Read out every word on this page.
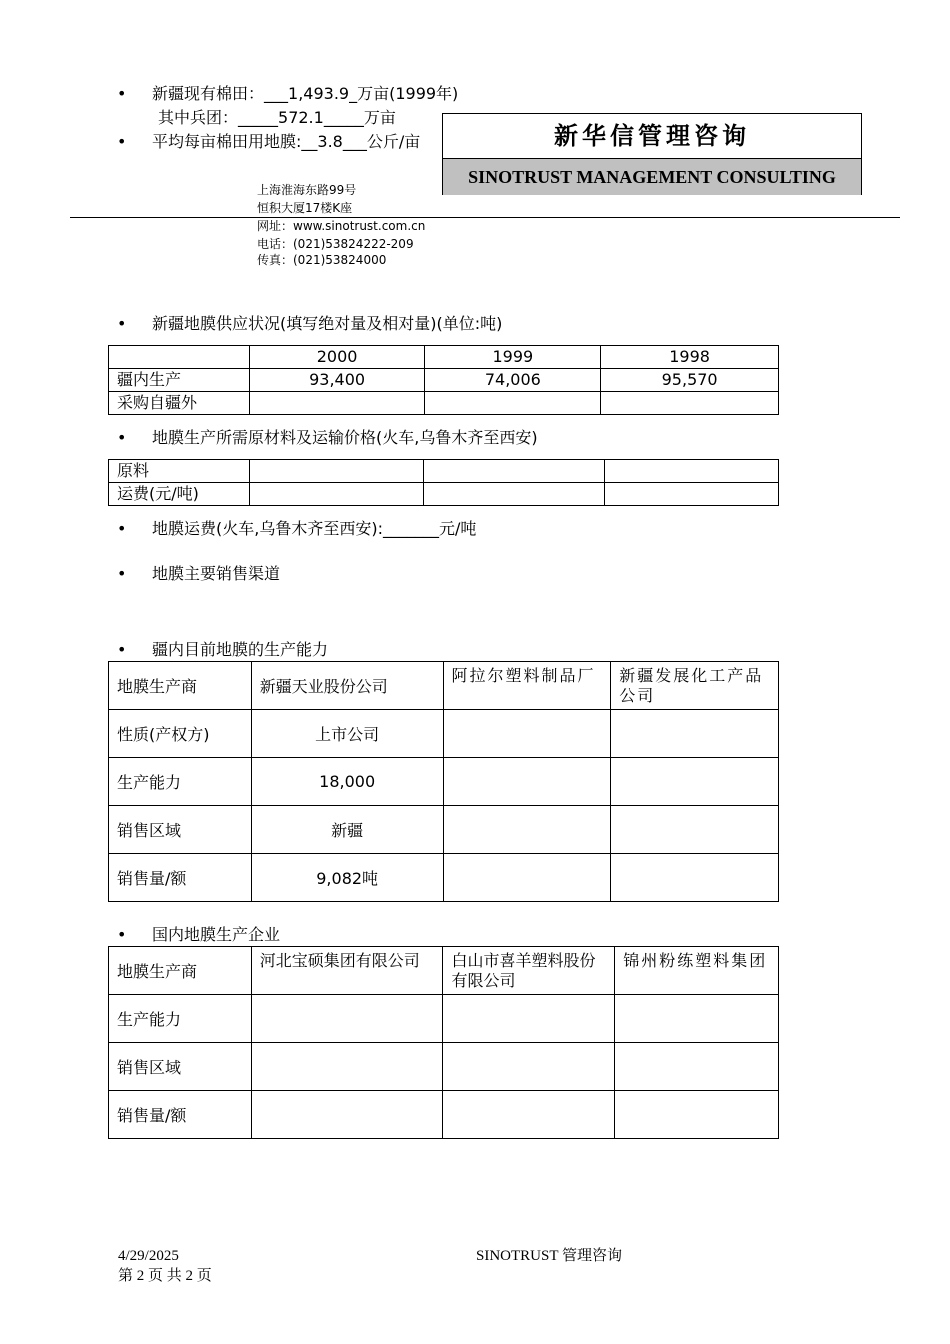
• 新疆现有棉田：___1,493.9_万亩(1999年)
其中兵团：_____572.1_____万亩
• 平均每亩棉田用地膜:__3.8___公斤/亩	新华信管理咨询
SINOTRUST MANAGEMENT CONSULTING
上海淮海东路99号
恒积大厦17楼K座
网址：www.sinotrust.com.cn
电话：(021)53824222-209
传真：(021)53824000
• 新疆地膜供应状况(填写绝对量及相对量)(单位:吨)
	2000	1999	1998
疆内生产	93,400	74,006	95,570
采购自疆外			
• 地膜生产所需原材料及运输价格(火车,乌鲁木齐至西安)
原料			
运费(元/吨)			
• 地膜运费(火车,乌鲁木齐至西安):_______元/吨
• 地膜主要销售渠道
• 疆内目前地膜的生产能力
地膜生产商	新疆天业股份公司	阿拉尔塑料制品厂	新疆发展化工产品公司
性质(产权方)	上市公司		
生产能力	18,000		
销售区域	新疆		
销售量/额	9,082吨		
• 国内地膜生产企业
地膜生产商	河北宝硕集团有限公司	白山市喜羊塑料股份有限公司	锦州粉练塑料集团
生产能力			
销售区域			
销售量/额			
4/29/2025
第 2 页 共 2 页
SINOTRUST 管理咨询
